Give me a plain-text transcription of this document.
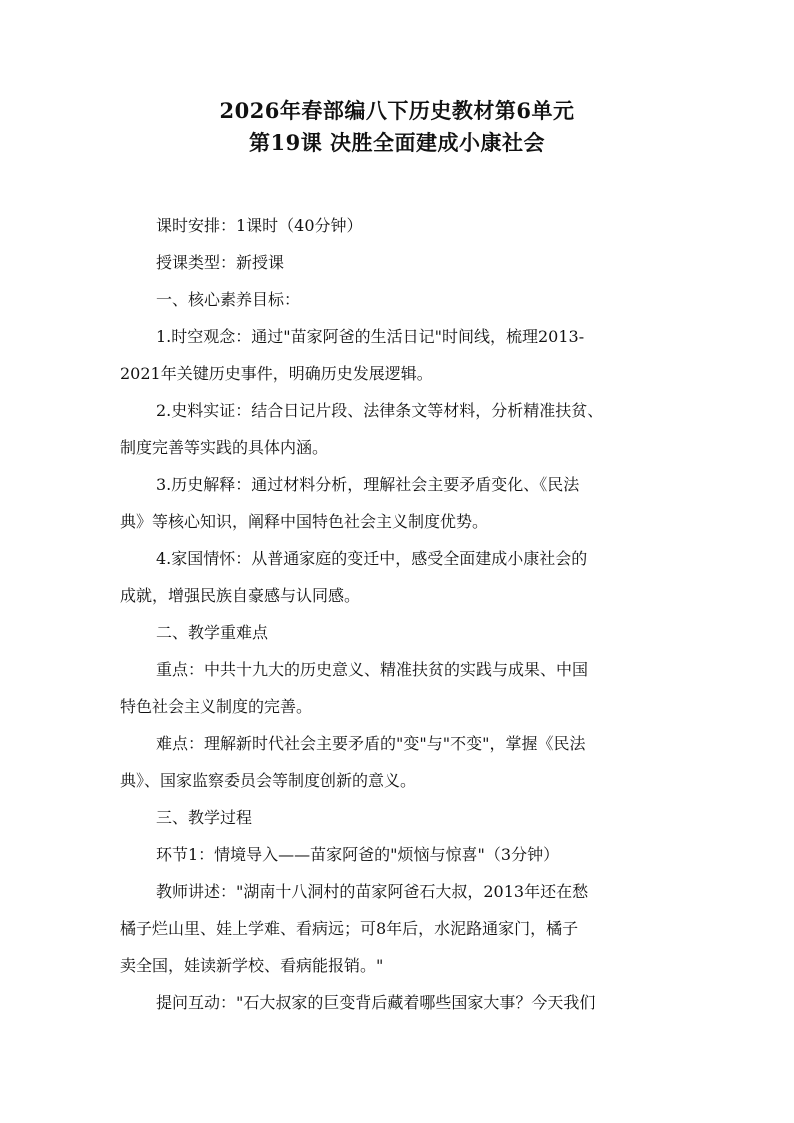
2026年春部编八下历史教材第6单元
第19课 决胜全面建成小康社会

课时安排：1课时（40分钟）

授课类型：新授课

一、核心素养目标：

1.时空观念：通过"苗家阿爸的生活日记"时间线，梳理2013-

2021年关键历史事件，明确历史发展逻辑。

2.史料实证：结合日记片段、法律条文等材料，分析精准扶贫、

制度完善等实践的具体内涵。

3.历史解释：通过材料分析，理解社会主要矛盾变化、《民法

典》等核心知识，阐释中国特色社会主义制度优势。

4.家国情怀：从普通家庭的变迁中，感受全面建成小康社会的

成就，增强民族自豪感与认同感。

二、教学重难点

重点：中共十九大的历史意义、精准扶贫的实践与成果、中国

特色社会主义制度的完善。

难点：理解新时代社会主要矛盾的"变"与"不变"，掌握《民法

典》、国家监察委员会等制度创新的意义。

三、教学过程

环节1：情境导入——苗家阿爸的"烦恼与惊喜"（3分钟）

教师讲述："湖南十八洞村的苗家阿爸石大叔，2013年还在愁

橘子烂山里、娃上学难、看病远；可8年后，水泥路通家门，橘子

卖全国，娃读新学校、看病能报销。"

提问互动："石大叔家的巨变背后藏着哪些国家大事？今天我们
